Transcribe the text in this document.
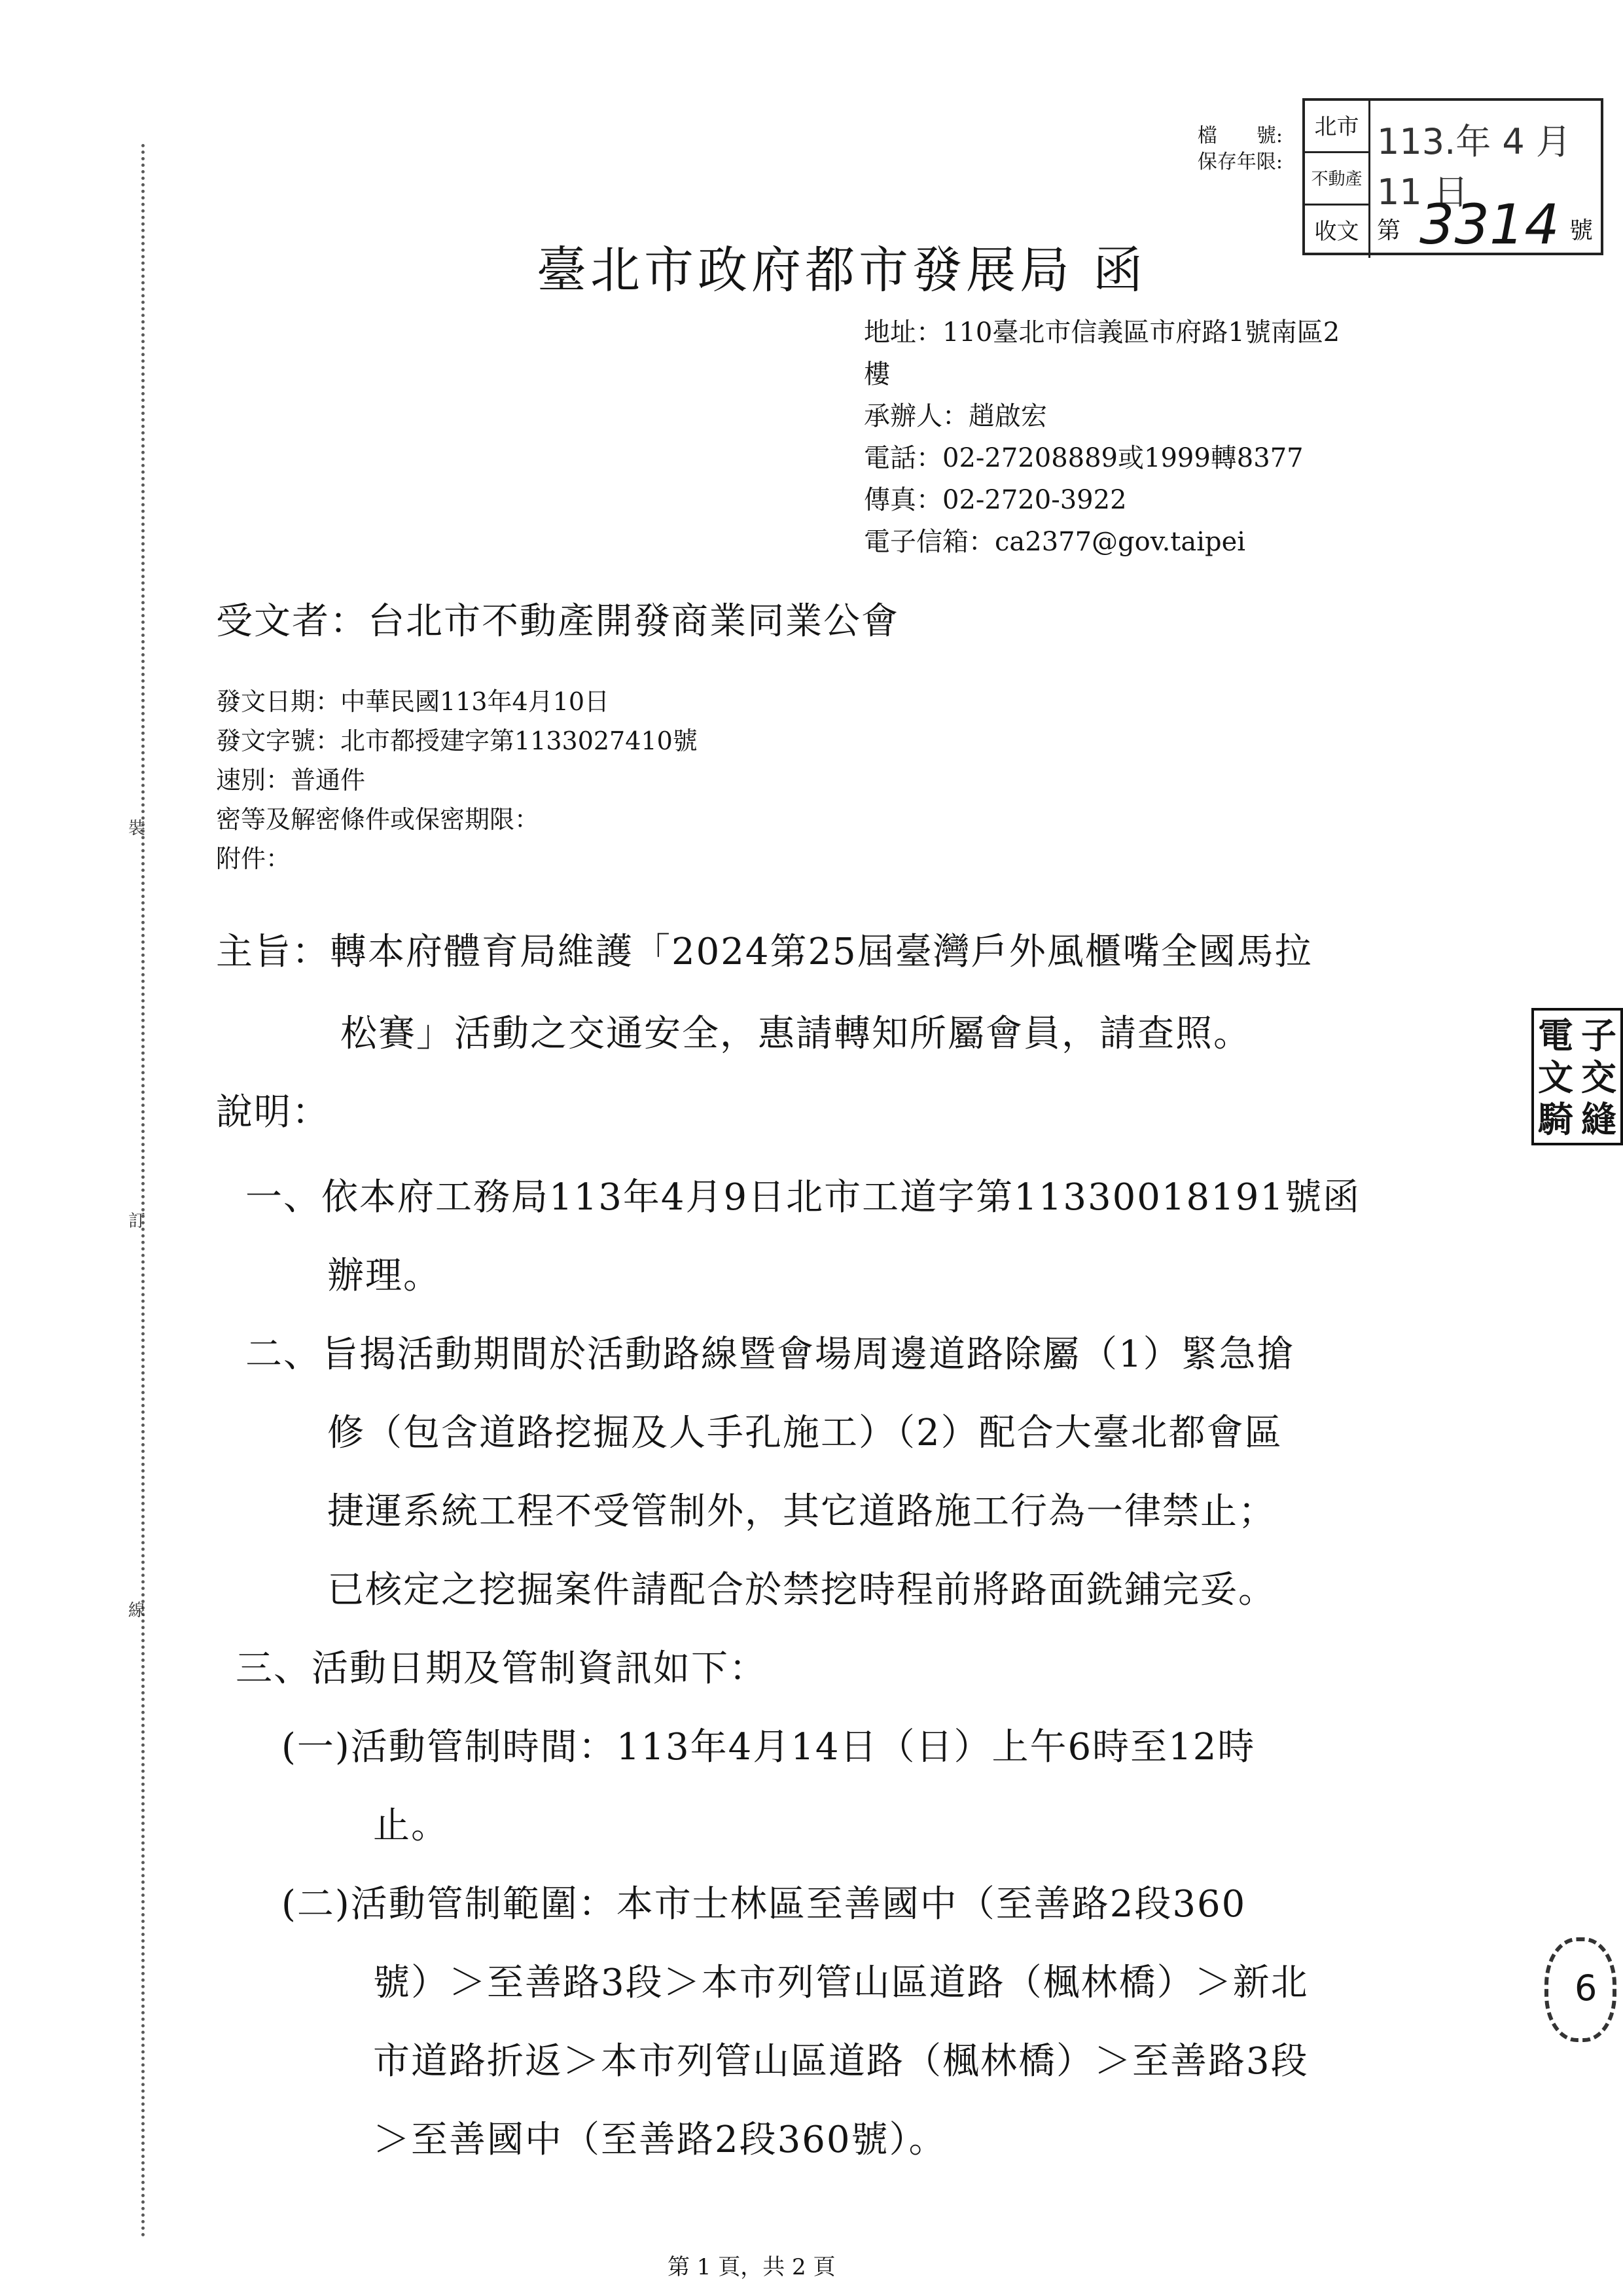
裝
訂
線
檔　　號:
保存年限:
北市
不動產
收文
113.年 4 月 11 日
第 3314 號
電
文
騎
子
交
縫
6
臺北市政府都市發展局 函
地址：110臺北市信義區市府路1號南區2
樓
承辦人：趙啟宏
電話：02-27208889或1999轉8377
傳真：02-2720-3922
電子信箱：ca2377@gov.taipei
受文者：台北市不動產開發商業同業公會
發文日期：中華民國113年4月10日
發文字號：北市都授建字第1133027410號
速別：普通件
密等及解密條件或保密期限：
附件：
主旨：轉本府體育局維護「2024第25屆臺灣戶外風櫃嘴全國馬拉
松賽」活動之交通安全，惠請轉知所屬會員，請查照。
說明：
一、依本府工務局113年4月9日北市工道字第11330018191號函
辦理。
二、旨揭活動期間於活動路線暨會場周邊道路除屬（1）緊急搶
修（包含道路挖掘及人手孔施工）（2）配合大臺北都會區
捷運系統工程不受管制外，其它道路施工行為一律禁止；
已核定之挖掘案件請配合於禁挖時程前將路面銑鋪完妥。
三、活動日期及管制資訊如下：
(一)活動管制時間：113年4月14日（日）上午6時至12時
止。
(二)活動管制範圍：本市士林區至善國中（至善路2段360
號）＞至善路3段＞本市列管山區道路（楓林橋）＞新北
市道路折返＞本市列管山區道路（楓林橋）＞至善路3段
＞至善國中（至善路2段360號）。
第 1 頁，共 2 頁
